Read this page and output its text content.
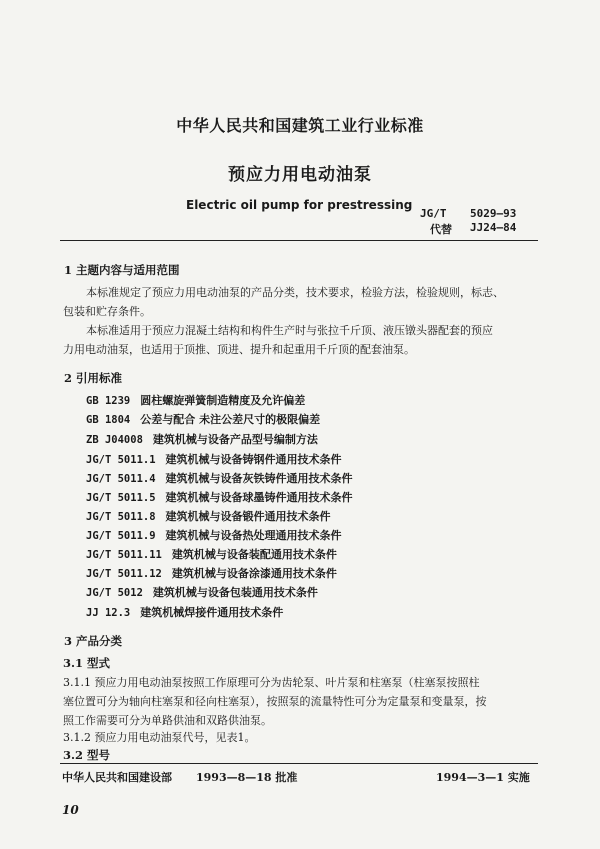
中华人民共和国建筑工业行业标准
预应力用电动油泵
Electric oil pump for prestressing
JG/T 5029—93
代替 JJ24—84
1 主题内容与适用范围
本标准规定了预应力用电动油泵的产品分类，技术要求，检验方法，检验规则，标志、
包装和贮存条件。
本标准适用于预应力混凝土结构和构件生产时与张拉千斤顶、液压镦头器配套的预应
力用电动油泵，也适用于顶推、顶进、提升和起重用千斤顶的配套油泵。
2 引用标准
GB 1239 圆柱螺旋弹簧制造精度及允许偏差
GB 1804 公差与配合 未注公差尺寸的极限偏差
ZB J04008 建筑机械与设备产品型号编制方法
JG/T 5011.1 建筑机械与设备铸钢件通用技术条件
JG/T 5011.4 建筑机械与设备灰铁铸件通用技术条件
JG/T 5011.5 建筑机械与设备球墨铸件通用技术条件
JG/T 5011.8 建筑机械与设备锻件通用技术条件
JG/T 5011.9 建筑机械与设备热处理通用技术条件
JG/T 5011.11 建筑机械与设备装配通用技术条件
JG/T 5011.12 建筑机械与设备涂漆通用技术条件
JG/T 5012 建筑机械与设备包装通用技术条件
JJ 12.3 建筑机械焊接件通用技术条件
3 产品分类
3.1 型式
3.1.1 预应力用电动油泵按照工作原理可分为齿轮泵、叶片泵和柱塞泵（柱塞泵按照柱
塞位置可分为轴向柱塞泵和径向柱塞泵），按照泵的流量特性可分为定量泵和变量泵，按
照工作需要可分为单路供油和双路供油泵。
3.1.2 预应力用电动油泵代号，见表1。
3.2 型号
中华人民共和国建设部 1993—8—18 批准	1994—3—1 实施
10
